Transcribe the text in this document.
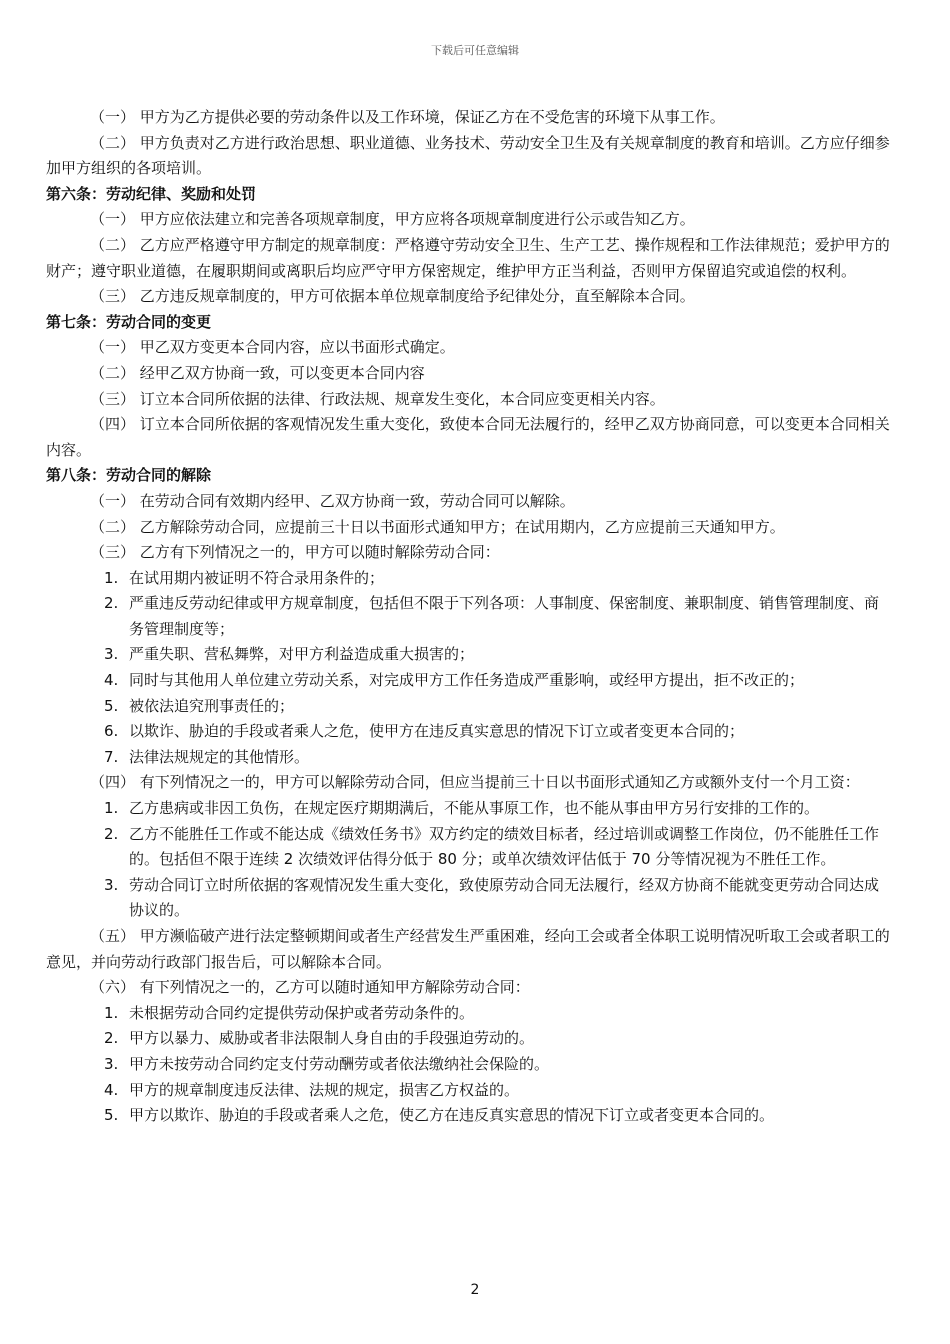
下载后可任意编辑
（一） 甲方为乙方提供必要的劳动条件以及工作环境，保证乙方在不受危害的环境下从事工作。
（二） 甲方负责对乙方进行政治思想、职业道德、业务技术、劳动安全卫生及有关规章制度的教育和培训。乙方应仔细参加甲方组织的各项培训。
第六条：劳动纪律、奖励和处罚
（一） 甲方应依法建立和完善各项规章制度，甲方应将各项规章制度进行公示或告知乙方。
（二） 乙方应严格遵守甲方制定的规章制度：严格遵守劳动安全卫生、生产工艺、操作规程和工作法律规范；爱护甲方的财产；遵守职业道德，在履职期间或离职后均应严守甲方保密规定，维护甲方正当利益，否则甲方保留追究或追偿的权利。
（三） 乙方违反规章制度的，甲方可依据本单位规章制度给予纪律处分，直至解除本合同。
第七条：劳动合同的变更
（一） 甲乙双方变更本合同内容，应以书面形式确定。
（二） 经甲乙双方协商一致，可以变更本合同内容
（三） 订立本合同所依据的法律、行政法规、规章发生变化，本合同应变更相关内容。
（四） 订立本合同所依据的客观情况发生重大变化，致使本合同无法履行的，经甲乙双方协商同意，可以变更本合同相关内容。
第八条：劳动合同的解除
（一） 在劳动合同有效期内经甲、乙双方协商一致，劳动合同可以解除。
（二） 乙方解除劳动合同，应提前三十日以书面形式通知甲方；在试用期内，乙方应提前三天通知甲方。
（三） 乙方有下列情况之一的，甲方可以随时解除劳动合同：
1. 在试用期内被证明不符合录用条件的；
2. 严重违反劳动纪律或甲方规章制度，包括但不限于下列各项：人事制度、保密制度、兼职制度、销售管理制度、商务管理制度等；
3. 严重失职、营私舞弊，对甲方利益造成重大损害的；
4. 同时与其他用人单位建立劳动关系，对完成甲方工作任务造成严重影响，或经甲方提出，拒不改正的；
5. 被依法追究刑事责任的；
6. 以欺诈、胁迫的手段或者乘人之危，使甲方在违反真实意思的情况下订立或者变更本合同的；
7. 法律法规规定的其他情形。
（四） 有下列情况之一的，甲方可以解除劳动合同，但应当提前三十日以书面形式通知乙方或额外支付一个月工资：
1. 乙方患病或非因工负伤，在规定医疗期期满后，不能从事原工作，也不能从事由甲方另行安排的工作的。
2. 乙方不能胜任工作或不能达成《绩效任务书》双方约定的绩效目标者，经过培训或调整工作岗位，仍不能胜任工作的。包括但不限于连续 2 次绩效评估得分低于 80 分；或单次绩效评估低于 70 分等情况视为不胜任工作。
3. 劳动合同订立时所依据的客观情况发生重大变化，致使原劳动合同无法履行，经双方协商不能就变更劳动合同达成协议的。
（五） 甲方濒临破产进行法定整顿期间或者生产经营发生严重困难，经向工会或者全体职工说明情况听取工会或者职工的意见，并向劳动行政部门报告后，可以解除本合同。
（六） 有下列情况之一的，乙方可以随时通知甲方解除劳动合同：
1. 未根据劳动合同约定提供劳动保护或者劳动条件的。
2. 甲方以暴力、威胁或者非法限制人身自由的手段强迫劳动的。
3. 甲方未按劳动合同约定支付劳动酬劳或者依法缴纳社会保险的。
4. 甲方的规章制度违反法律、法规的规定，损害乙方权益的。
5. 甲方以欺诈、胁迫的手段或者乘人之危，使乙方在违反真实意思的情况下订立或者变更本合同的。
2
